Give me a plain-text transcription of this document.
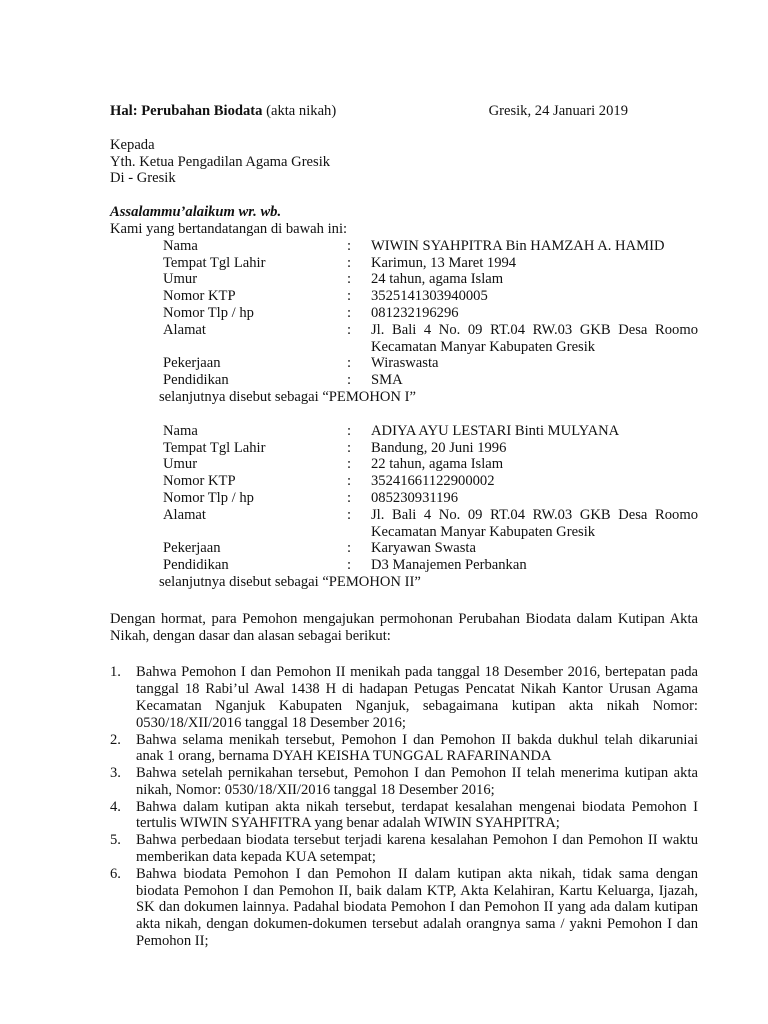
Hal: Perubahan Biodata (akta nikah)	Gresik, 24 Januari 2019
Kepada
Yth. Ketua Pengadilan Agama Gresik
Di - Gresik
Assalammu’alaikum wr. wb.
Kami yang bertandatangan di bawah ini:
Nama	:	WIWIN SYAHPITRA Bin HAMZAH A. HAMID
Tempat Tgl Lahir	:	Karimun, 13 Maret 1994
Umur	:	24 tahun, agama Islam
Nomor KTP	:	3525141303940005
Nomor Tlp / hp	:	081232196296
Alamat	:	Jl. Bali 4 No. 09 RT.04 RW.03 GKB Desa Roomo Kecamatan Manyar Kabupaten Gresik
Pekerjaan	:	Wiraswasta
Pendidikan	:	SMA
selanjutnya disebut sebagai “PEMOHON I”
Nama	:	ADIYA AYU LESTARI Binti MULYANA
Tempat Tgl Lahir	:	Bandung, 20 Juni 1996
Umur	:	22 tahun, agama Islam
Nomor KTP	:	35241661122900002
Nomor Tlp / hp	:	085230931196
Alamat	:	Jl. Bali 4 No. 09 RT.04 RW.03 GKB Desa Roomo Kecamatan Manyar Kabupaten Gresik
Pekerjaan	:	Karyawan Swasta
Pendidikan	:	D3 Manajemen Perbankan
selanjutnya disebut sebagai “PEMOHON II”
Dengan hormat, para Pemohon mengajukan permohonan Perubahan Biodata dalam Kutipan Akta Nikah, dengan dasar dan alasan sebagai berikut:
1.	Bahwa Pemohon I dan Pemohon II menikah pada tanggal 18 Desember 2016, bertepatan pada tanggal 18 Rabi’ul Awal 1438 H di hadapan Petugas Pencatat Nikah Kantor Urusan Agama Kecamatan Nganjuk Kabupaten Nganjuk, sebagaimana kutipan akta nikah Nomor: 0530/18/XII/2016 tanggal 18 Desember 2016;
2.	Bahwa selama menikah tersebut, Pemohon I dan Pemohon II bakda dukhul telah dikaruniai anak 1 orang, bernama DYAH KEISHA TUNGGAL RAFARINANDA
3.	Bahwa setelah pernikahan tersebut, Pemohon I dan Pemohon II telah menerima kutipan akta nikah, Nomor: 0530/18/XII/2016 tanggal 18 Desember 2016;
4.	Bahwa dalam kutipan akta nikah tersebut, terdapat kesalahan mengenai biodata Pemohon I tertulis WIWIN SYAHFITRA yang benar adalah WIWIN SYAHPITRA;
5.	Bahwa perbedaan biodata tersebut terjadi karena kesalahan Pemohon I dan Pemohon II waktu memberikan data kepada KUA setempat;
6.	Bahwa biodata Pemohon I dan Pemohon II dalam kutipan akta nikah, tidak sama dengan biodata Pemohon I dan Pemohon II, baik dalam KTP, Akta Kelahiran, Kartu Keluarga, Ijazah, SK dan dokumen lainnya. Padahal biodata Pemohon I dan Pemohon II yang ada dalam kutipan akta nikah, dengan dokumen-dokumen tersebut adalah orangnya sama / yakni Pemohon I dan Pemohon II;
